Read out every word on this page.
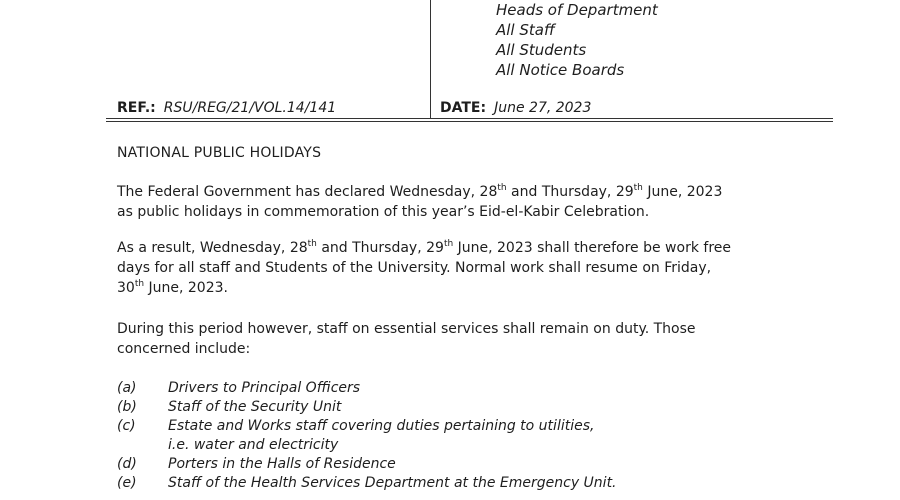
Heads of Department
All Staff
All Students
All Notice Boards
REF.: RSU/REG/21/VOL.14/141	DATE: June 27, 2023
NATIONAL PUBLIC HOLIDAYS

The Federal Government has declared Wednesday, 28th and Thursday, 29th June, 2023

as public holidays in commemoration of this year’s Eid-el-Kabir Celebration.

As a result, Wednesday, 28th and Thursday, 29th June, 2023 shall therefore be work free

days for all staff and Students of the University. Normal work shall resume on Friday,

30th June, 2023.

During this period however, staff on essential services shall remain on duty. Those

concerned include:

(a) Drivers to Principal Officers
(b) Staff of the Security Unit
(c) Estate and Works staff covering duties pertaining to utilities,
i.e. water and electricity
(d) Porters in the Halls of Residence
(e) Staff of the Health Services Department at the Emergency Unit.
